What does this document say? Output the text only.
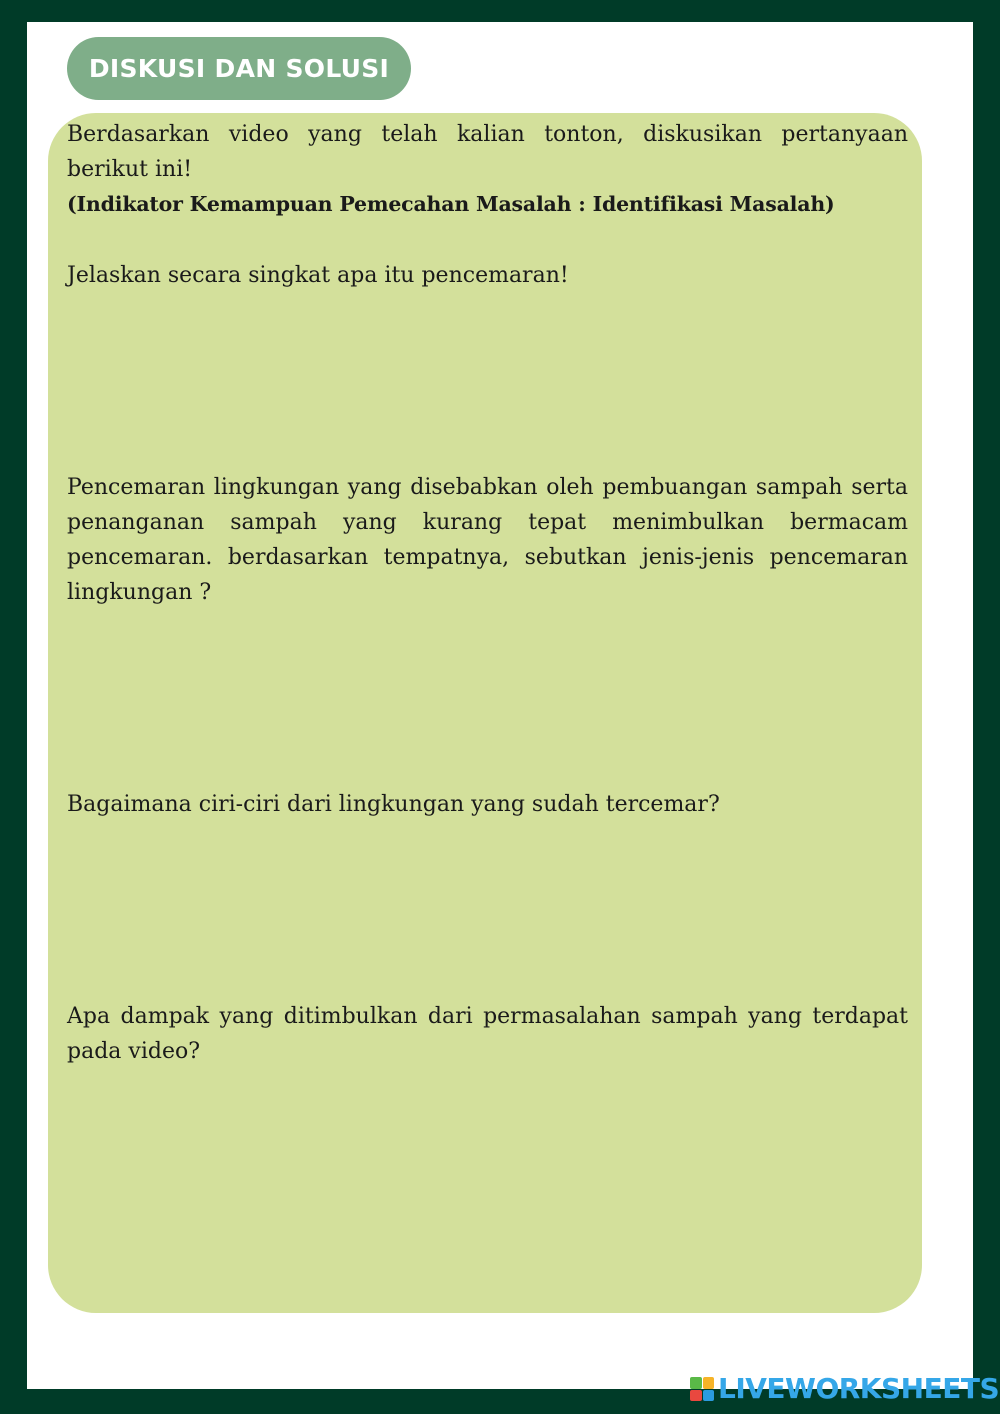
DISKUSI DAN SOLUSI

Berdasarkan video yang telah kalian tonton, diskusikan pertanyaan berikut ini!

(Indikator Kemampuan Pemecahan Masalah : Identifikasi Masalah)

Jelaskan secara singkat apa itu pencemaran!

Pencemaran lingkungan yang disebabkan oleh pembuangan sampah serta penanganan sampah yang kurang tepat menimbulkan bermacam pencemaran. berdasarkan tempatnya, sebutkan jenis-jenis pencemaran lingkungan ?

Bagaimana ciri-ciri dari lingkungan yang sudah tercemar?

Apa dampak yang ditimbulkan dari permasalahan sampah yang terdapat pada video?

LIVEWORKSHEETS
